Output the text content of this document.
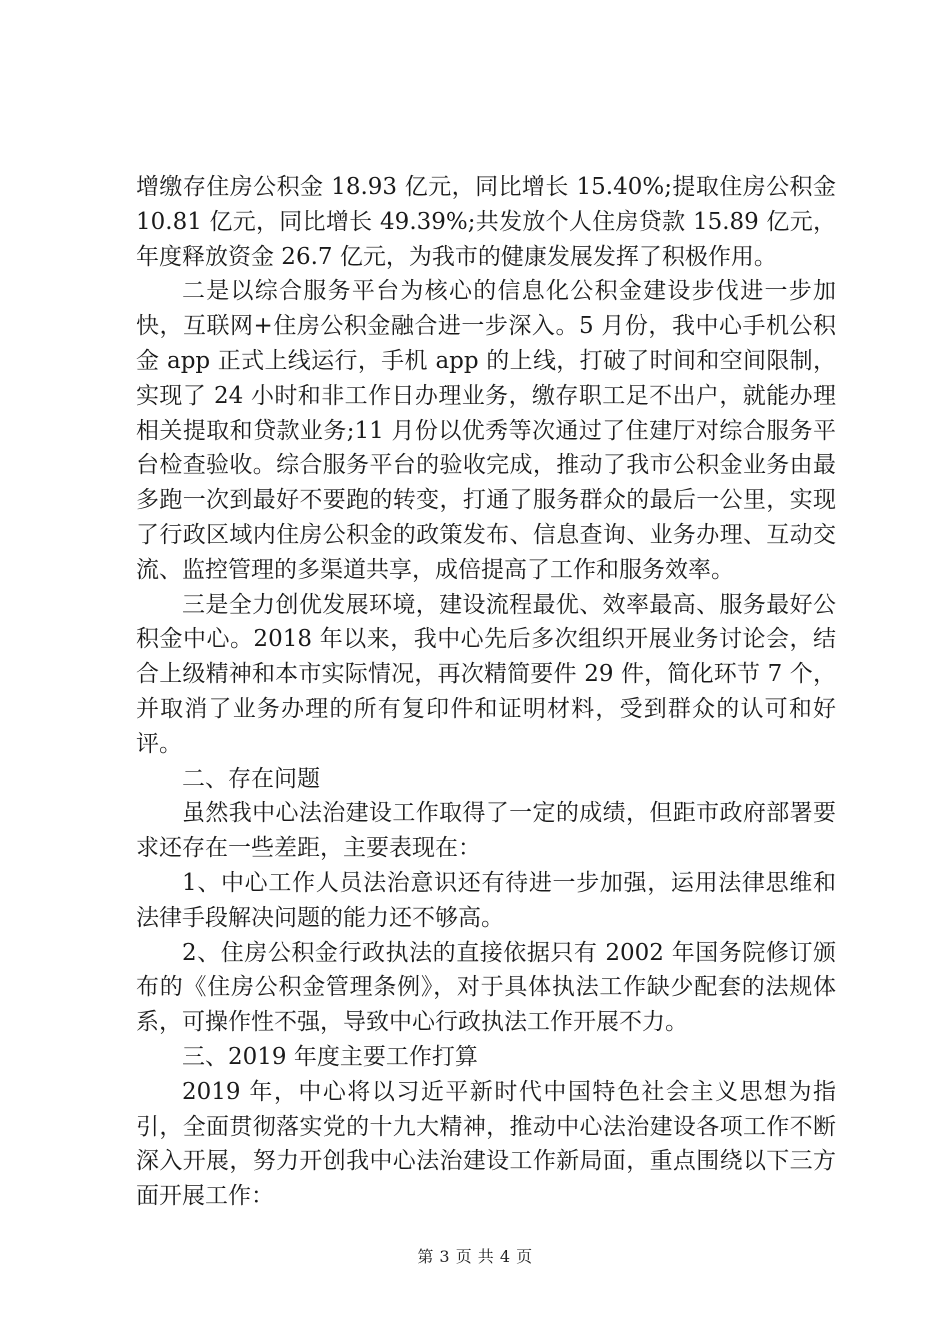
增缴存住房公积金 18.93 亿元，同比增长 15.40%;提取住房公积金 10.81 亿元，同比增长 49.39%;共发放个人住房贷款 15.89 亿元，年度释放资金 26.7 亿元，为我市的健康发展发挥了积极作用。

二是以综合服务平台为核心的信息化公积金建设步伐进一步加快，互联网+住房公积金融合进一步深入。5 月份，我中心手机公积金 app 正式上线运行，手机 app 的上线，打破了时间和空间限制，实现了 24 小时和非工作日办理业务，缴存职工足不出户，就能办理相关提取和贷款业务;11 月份以优秀等次通过了住建厅对综合服务平台检查验收。综合服务平台的验收完成，推动了我市公积金业务由最多跑一次到最好不要跑的转变，打通了服务群众的最后一公里，实现了行政区域内住房公积金的政策发布、信息查询、业务办理、互动交流、监控管理的多渠道共享，成倍提高了工作和服务效率。

三是全力创优发展环境，建设流程最优、效率最高、服务最好公积金中心。2018 年以来，我中心先后多次组织开展业务讨论会，结合上级精神和本市实际情况，再次精简要件 29 件，简化环节 7 个，并取消了业务办理的所有复印件和证明材料，受到群众的认可和好评。

二、存在问题

虽然我中心法治建设工作取得了一定的成绩，但距市政府部署要求还存在一些差距，主要表现在：

1、中心工作人员法治意识还有待进一步加强，运用法律思维和法律手段解决问题的能力还不够高。

2、住房公积金行政执法的直接依据只有 2002 年国务院修订颁布的《住房公积金管理条例》，对于具体执法工作缺少配套的法规体系，可操作性不强，导致中心行政执法工作开展不力。

三、2019 年度主要工作打算

2019 年，中心将以习近平新时代中国特色社会主义思想为指引，全面贯彻落实党的十九大精神，推动中心法治建设各项工作不断深入开展，努力开创我中心法治建设工作新局面，重点围绕以下三方面开展工作：

第 3 页 共 4 页
